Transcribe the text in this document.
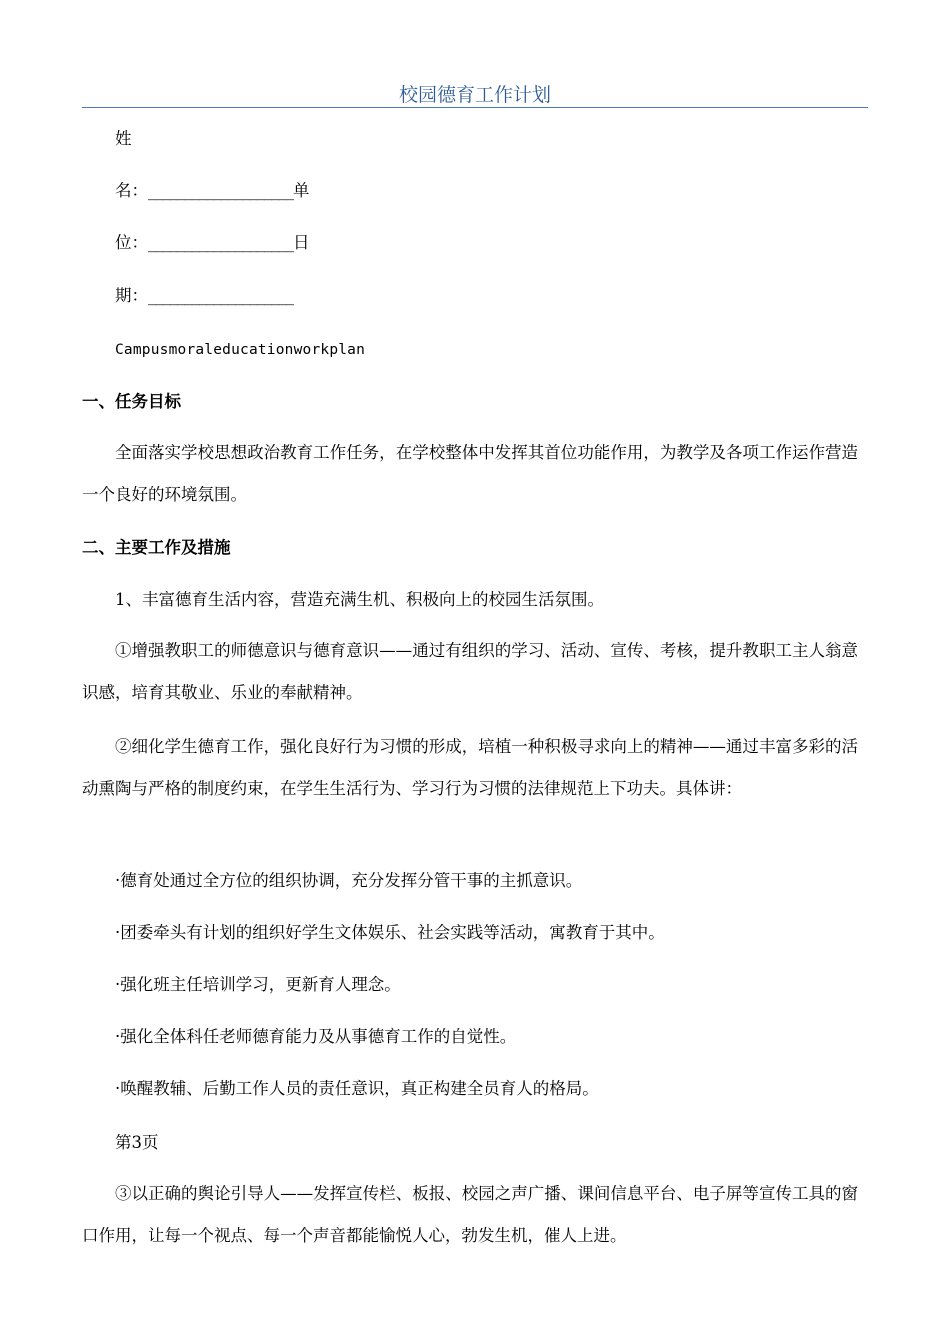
校园德育工作计划
姓
名：____________________单
位：____________________日
期：____________________
Campusmoraleducationworkplan
一、任务目标

全面落实学校思想政治教育工作任务，在学校整体中发挥其首位功能作用，为教学及各项工作运作营造一个良好的环境氛围。

二、主要工作及措施
1、丰富德育生活内容，营造充满生机、积极向上的校园生活氛围。

①增强教职工的师德意识与德育意识——通过有组织的学习、活动、宣传、考核，提升教职工主人翁意识感，培育其敬业、乐业的奉献精神。

②细化学生德育工作，强化良好行为习惯的形成，培植一种积极寻求向上的精神——通过丰富多彩的活动熏陶与严格的制度约束，在学生生活行为、学习行为习惯的法律规范上下功夫。具体讲：

·德育处通过全方位的组织协调，充分发挥分管干事的主抓意识。
·团委牵头有计划的组织好学生文体娱乐、社会实践等活动，寓教育于其中。
·强化班主任培训学习，更新育人理念。
·强化全体科任老师德育能力及从事德育工作的自觉性。
·唤醒教辅、后勤工作人员的责任意识，真正构建全员育人的格局。
第3页

③以正确的舆论引导人——发挥宣传栏、板报、校园之声广播、课间信息平台、电子屏等宣传工具的窗口作用，让每一个视点、每一个声音都能愉悦人心，勃发生机，催人上进。
